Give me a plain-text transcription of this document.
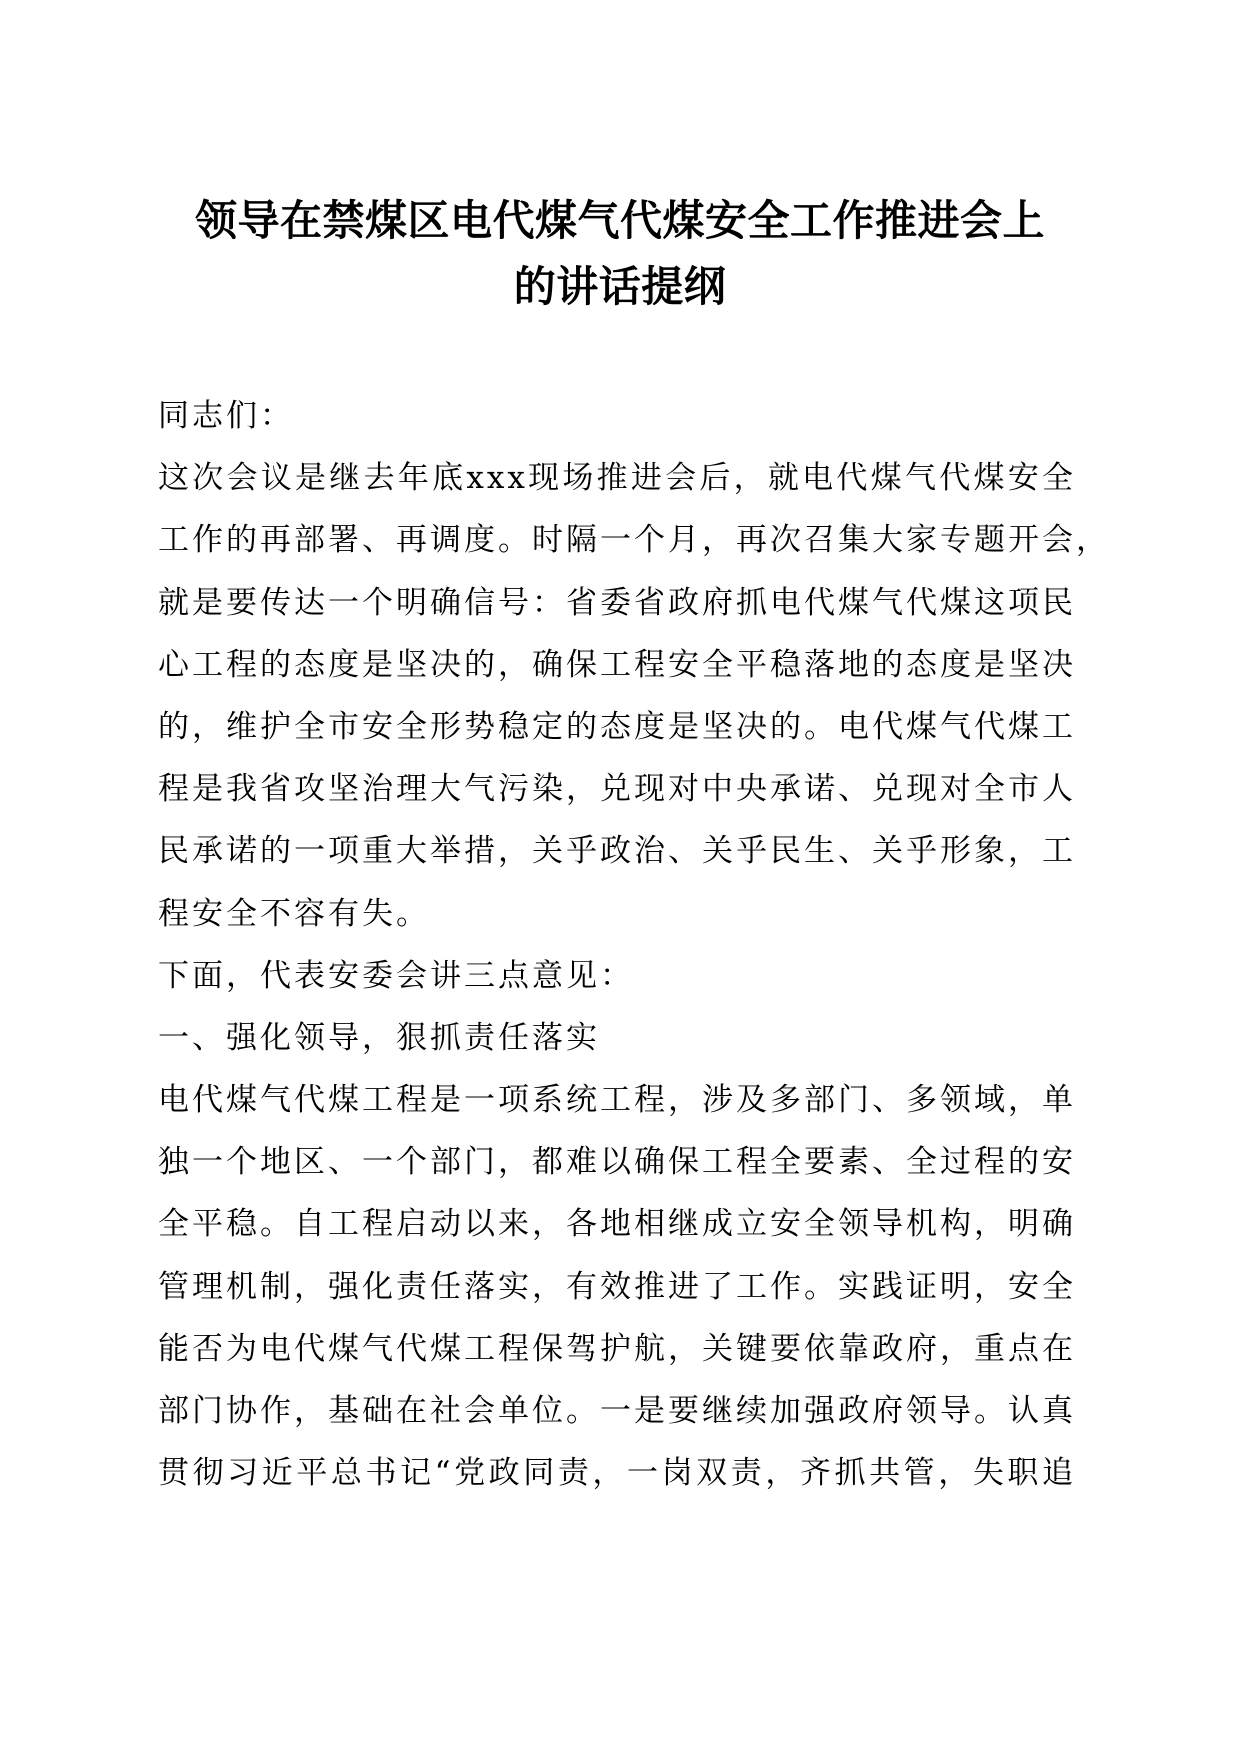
领导在禁煤区电代煤气代煤安全工作推进会上
的讲话提纲

同志们：

这次会议是继去年底xxx现场推进会后，就电代煤气代煤安全
工作的再部署、再调度。时隔一个月，再次召集大家专题开会，
就是要传达一个明确信号：省委省政府抓电代煤气代煤这项民
心工程的态度是坚决的，确保工程安全平稳落地的态度是坚决
的，维护全市安全形势稳定的态度是坚决的。电代煤气代煤工
程是我省攻坚治理大气污染，兑现对中央承诺、兑现对全市人
民承诺的一项重大举措，关乎政治、关乎民生、关乎形象，工
程安全不容有失。

下面，代表安委会讲三点意见：

一、强化领导，狠抓责任落实

电代煤气代煤工程是一项系统工程，涉及多部门、多领域，单
独一个地区、一个部门，都难以确保工程全要素、全过程的安
全平稳。自工程启动以来，各地相继成立安全领导机构，明确
管理机制，强化责任落实，有效推进了工作。实践证明，安全
能否为电代煤气代煤工程保驾护航，关键要依靠政府，重点在
部门协作，基础在社会单位。一是要继续加强政府领导。认真
贯彻习近平总书记“党政同责，一岗双责，齐抓共管，失职追
